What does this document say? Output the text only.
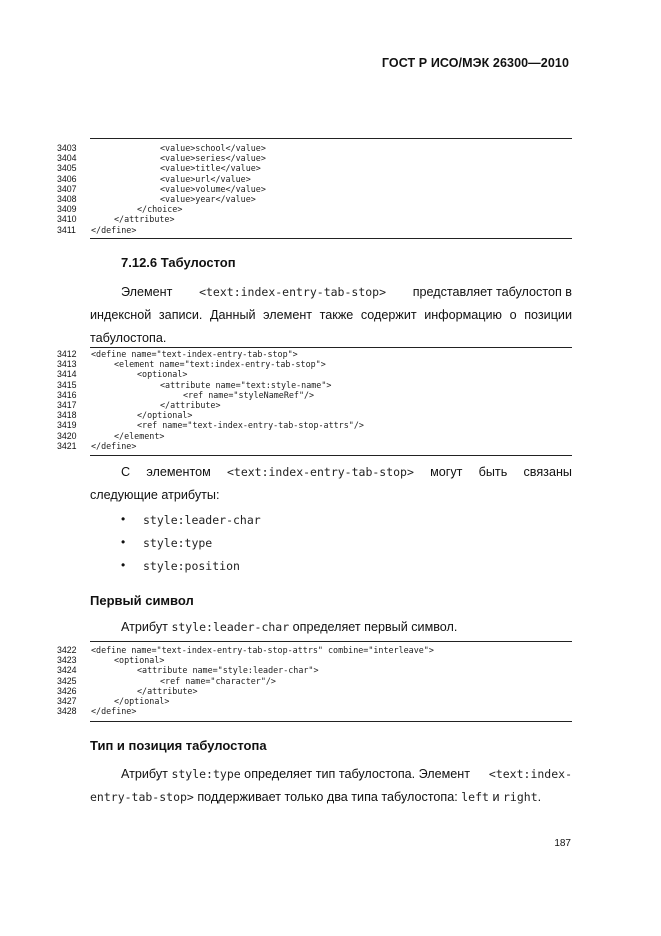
ГОСТ Р ИСО/МЭК 26300—2010
3403	<value>school</value>
3404	<value>series</value>
3405	<value>title</value>
3406	<value>url</value>
3407	<value>volume</value>
3408	<value>year</value>
3409	</choice>
3410	</attribute>
3411 </define>
7.12.6 Табулостоп
Элемент <text:index-entry-tab-stop> представляет табулостоп в
индексной записи. Данный элемент также содержит информацию о позиции
табулостопа.
3412 <define name="text-index-entry-tab-stop">
3413	<element name="text:index-entry-tab-stop">
3414	<optional>
3415	<attribute name="text:style-name">
3416	<ref name="styleNameRef"/>
3417	</attribute>
3418	</optional>
3419	<ref name="text-index-entry-tab-stop-attrs"/>
3420	</element>
3421 </define>
С элементом <text:index-entry-tab-stop> могут быть связаны
следующие атрибуты:
• style:leader-char
• style:type
• style:position
Первый символ
Атрибут style:leader-char определяет первый символ.
3422 <define name="text-index-entry-tab-stop-attrs" combine="interleave">
3423	<optional>
3424	<attribute name="style:leader-char">
3425	<ref name="character"/>
3426	</attribute>
3427	</optional>
3428 </define>
Тип и позиция табулостопа
Атрибут style:type определяет тип табулостопа. Элемент <text:index-
entry-tab-stop> поддерживает только два типа табулостопа: left и right.
187
